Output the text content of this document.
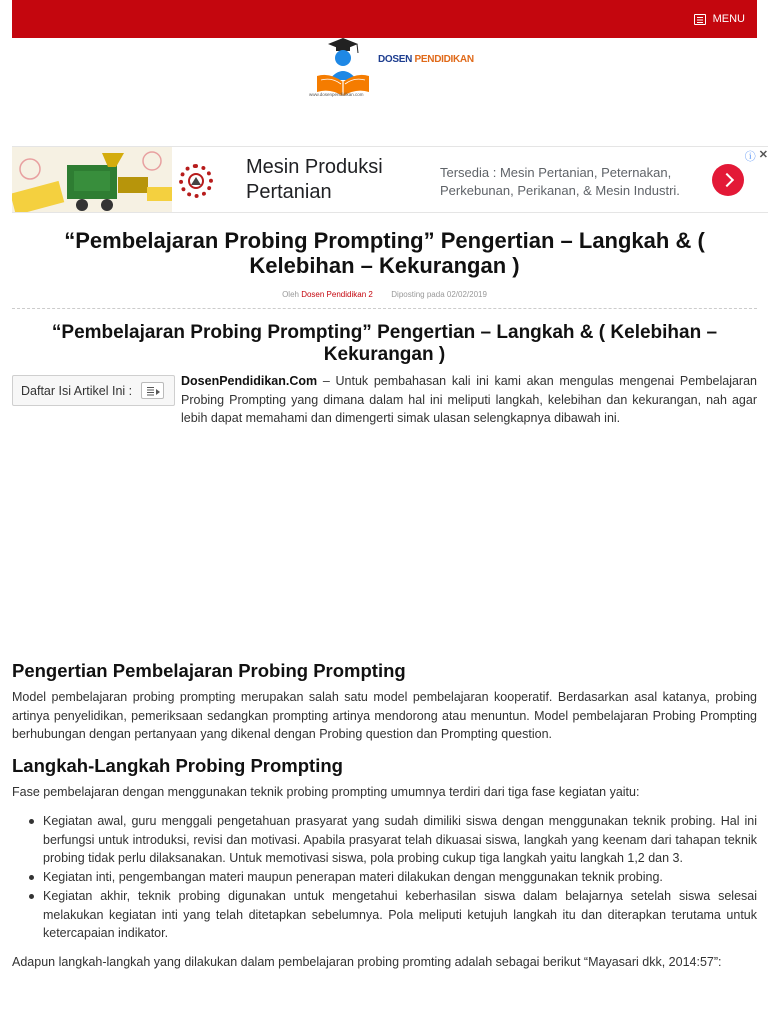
MENU
DOSEN PENDIDIKAN
www.dosenpendidikan.com
Mesin Produksi Pertanian
Tersedia : Mesin Pertanian, Peternakan, Perkebunan, Perikanan, & Mesin Industri.
ⓘ ✕
“Pembelajaran Probing Prompting” Pengertian – Langkah & ( Kelebihan – Kekurangan )
Oleh Dosen Pendidikan 2 Diposting pada 02/02/2019
“Pembelajaran Probing Prompting” Pengertian – Langkah & ( Kelebihan – Kekurangan )
Daftar Isi Artikel Ini :

DosenPendidikan.Com – Untuk pembahasan kali ini kami akan mengulas mengenai Pembelajaran Probing Prompting yang dimana dalam hal ini meliputi langkah, kelebihan dan kekurangan, nah agar lebih dapat memahami dan dimengerti simak ulasan selengkapnya dibawah ini.

Pengertian Pembelajaran Probing Prompting

Model pembelajaran probing prompting merupakan salah satu model pembelajaran kooperatif. Berdasarkan asal katanya, probing artinya penyelidikan, pemeriksaan sedangkan prompting artinya mendorong atau menuntun. Model pembelajaran Probing Prompting berhubungan dengan pertanyaan yang dikenal dengan Probing question dan Prompting question.

Langkah-Langkah Probing Prompting

Fase pembelajaran dengan menggunakan teknik probing prompting umumnya terdiri dari tiga fase kegiatan yaitu:

Kegiatan awal, guru menggali pengetahuan prasyarat yang sudah dimiliki siswa dengan menggunakan teknik probing. Hal ini berfungsi untuk introduksi, revisi dan motivasi. Apabila prasyarat telah dikuasai siswa, langkah yang keenam dari tahapan teknik probing tidak perlu dilaksanakan. Untuk memotivasi siswa, pola probing cukup tiga langkah yaitu langkah 1,2 dan 3.
Kegiatan inti, pengembangan materi maupun penerapan materi dilakukan dengan menggunakan teknik probing.
Kegiatan akhir, teknik probing digunakan untuk mengetahui keberhasilan siswa dalam belajarnya setelah siswa selesai melakukan kegiatan inti yang telah ditetapkan sebelumnya. Pola meliputi ketujuh langkah itu dan diterapkan terutama untuk ketercapaian indikator.

Adapun langkah-langkah yang dilakukan dalam pembelajaran probing promting adalah sebagai berikut “Mayasari dkk, 2014:57”:
